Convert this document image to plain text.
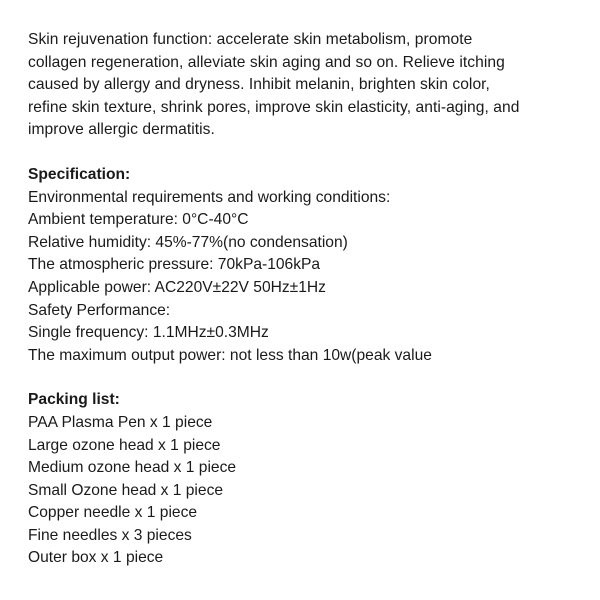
Skin rejuvenation function: accelerate skin metabolism, promote
collagen regeneration, alleviate skin aging and so on. Relieve itching
caused by allergy and dryness. Inhibit melanin, brighten skin color,
refine skin texture, shrink pores, improve skin elasticity, anti-aging, and
improve allergic dermatitis.

Specification:
Environmental requirements and working conditions:
Ambient temperature: 0°C-40°C
Relative humidity: 45%-77%(no condensation)
The atmospheric pressure: 70kPa-106kPa
Applicable power: AC220V±22V 50Hz±1Hz
Safety Performance:
Single frequency: 1.1MHz±0.3MHz
The maximum output power: not less than 10w(peak value
Packing list:
PAA Plasma Pen x 1 piece
Large ozone head x 1 piece
Medium ozone head x 1 piece
Small Ozone head x 1 piece
Copper needle x 1 piece
Fine needles x 3 pieces
Outer box x 1 piece
